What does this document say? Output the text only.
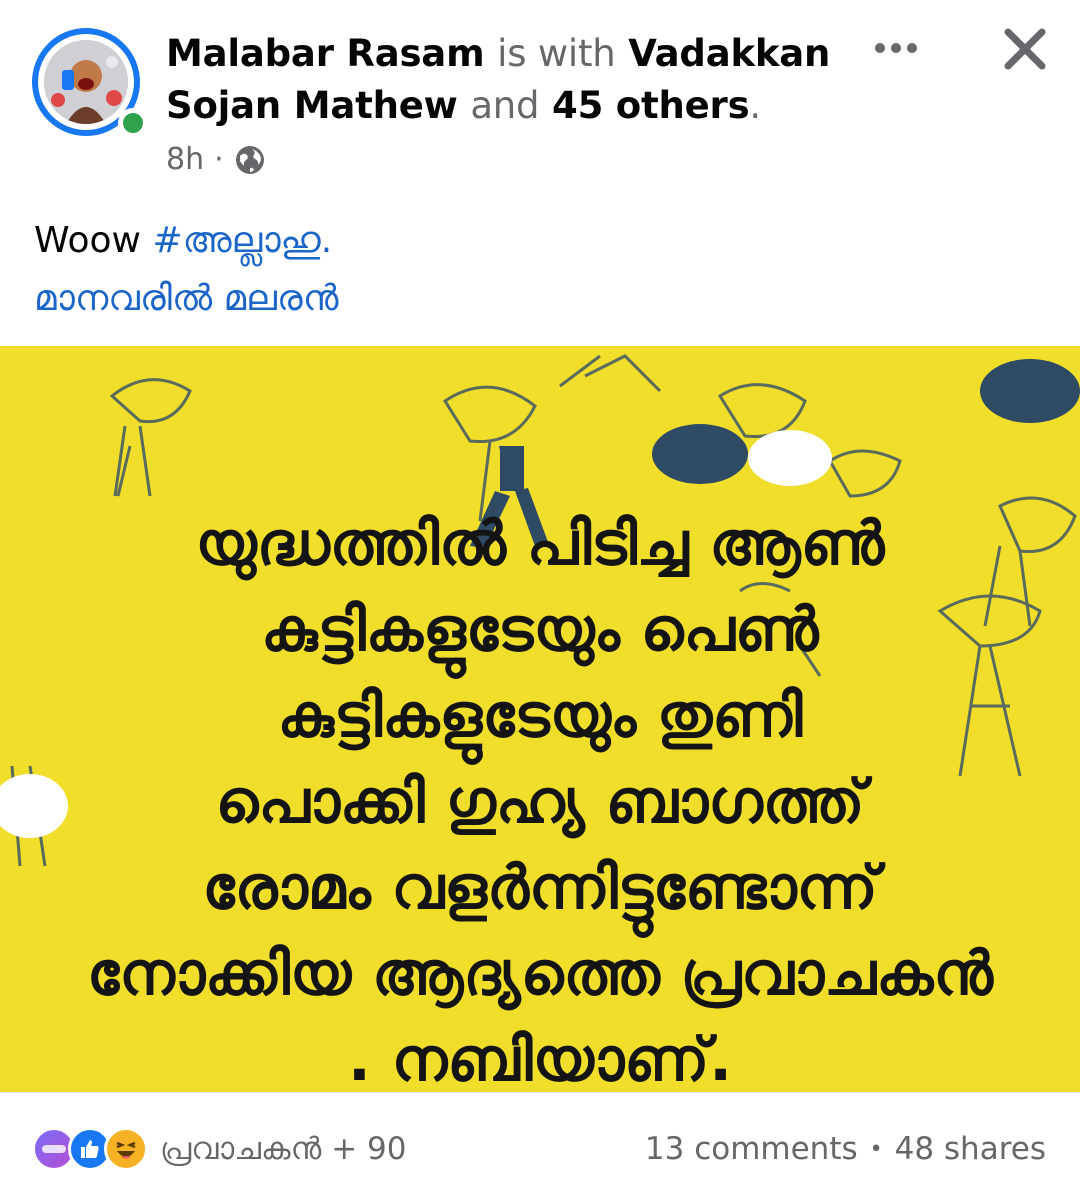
Malabar Rasam is with Vadakkan Sojan Mathew and 45 others.
8h ·
Woow #അല്ലാഹു.
മാനവരിൽ മലരൻ
യുദ്ധത്തിൽ പിടിച്ച ആൺ
കുട്ടികളുടേയും പെൺ
കുട്ടികളുടേയും തുണി
പൊക്കി ഗുഹ്യ ബാഗത്ത്
രോമം വളർന്നിട്ടുണ്ടോന്ന്
നോക്കിയ ആദ്യത്തെ പ്രവാചകൻ
. നബിയാണ്.
പ്രവാചകൻ + 90	13 comments • 48 shares
